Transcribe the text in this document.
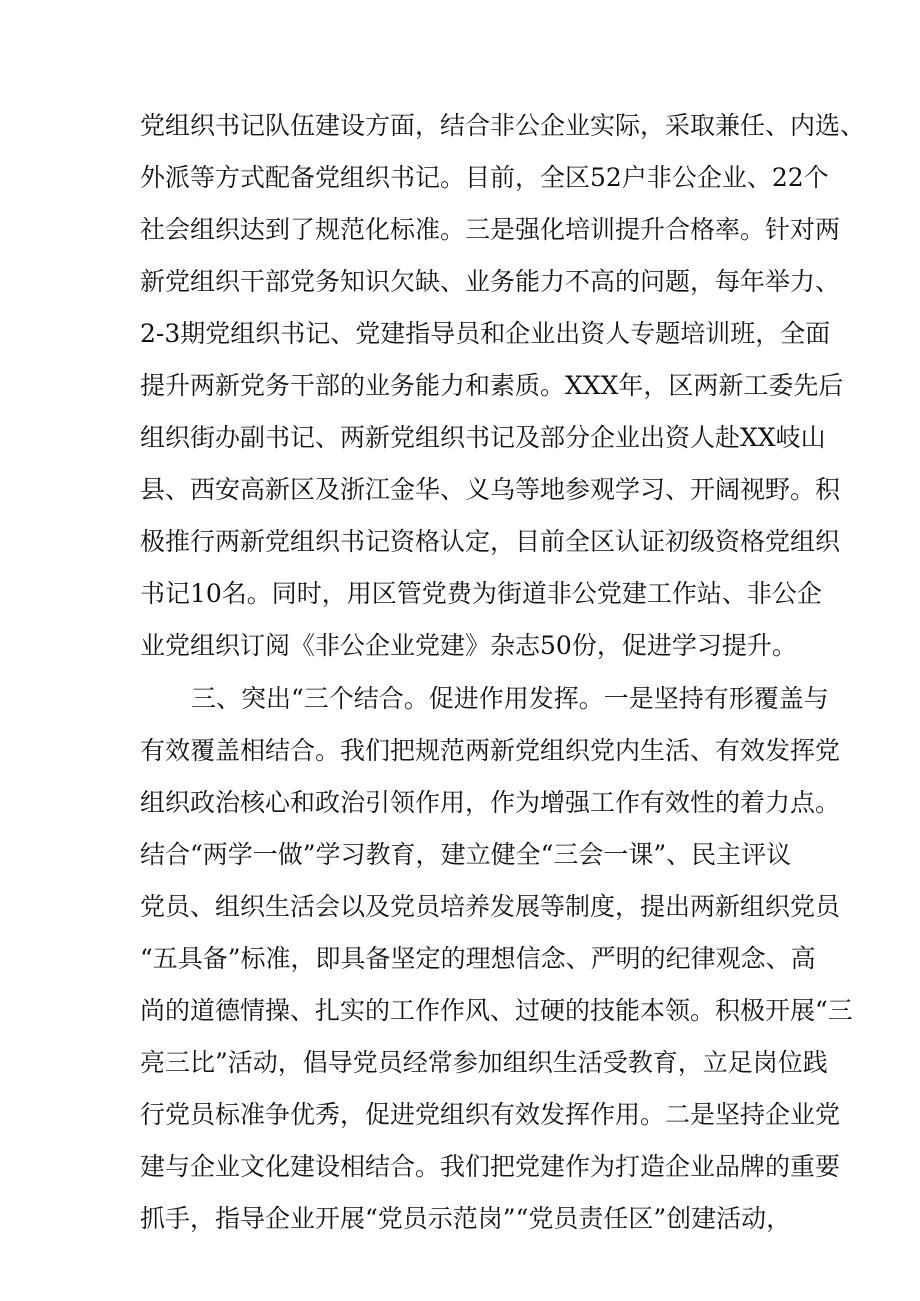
党组织书记队伍建设方面，结合非公企业实际，采取兼任、内选、
外派等方式配备党组织书记。目前，全区52户非公企业、22个
社会组织达到了规范化标准。三是强化培训提升合格率。针对两
新党组织干部党务知识欠缺、业务能力不高的问题，每年举力、
2-3期党组织书记、党建指导员和企业出资人专题培训班，全面
提升两新党务干部的业务能力和素质。XXX年，区两新工委先后
组织街办副书记、两新党组织书记及部分企业出资人赴XX岐山
县、西安高新区及浙江金华、义乌等地参观学习、开阔视野。积
极推行两新党组织书记资格认定，目前全区认证初级资格党组织
书记10名。同时，用区管党费为街道非公党建工作站、非公企
业党组织订阅《非公企业党建》杂志50份，促进学习提升。
三、突出“三个结合。促进作用发挥。一是坚持有形覆盖与
有效覆盖相结合。我们把规范两新党组织党内生活、有效发挥党
组织政治核心和政治引领作用，作为增强工作有效性的着力点。
结合“两学一做”学习教育，建立健全“三会一课”、民主评议
党员、组织生活会以及党员培养发展等制度，提出两新组织党员
“五具备”标准，即具备坚定的理想信念、严明的纪律观念、高
尚的道德情操、扎实的工作作风、过硬的技能本领。积极开展“三
亮三比”活动，倡导党员经常参加组织生活受教育，立足岗位践
行党员标准争优秀，促进党组织有效发挥作用。二是坚持企业党
建与企业文化建设相结合。我们把党建作为打造企业品牌的重要
抓手，指导企业开展“党员示范岗”“党员责任区”创建活动，
